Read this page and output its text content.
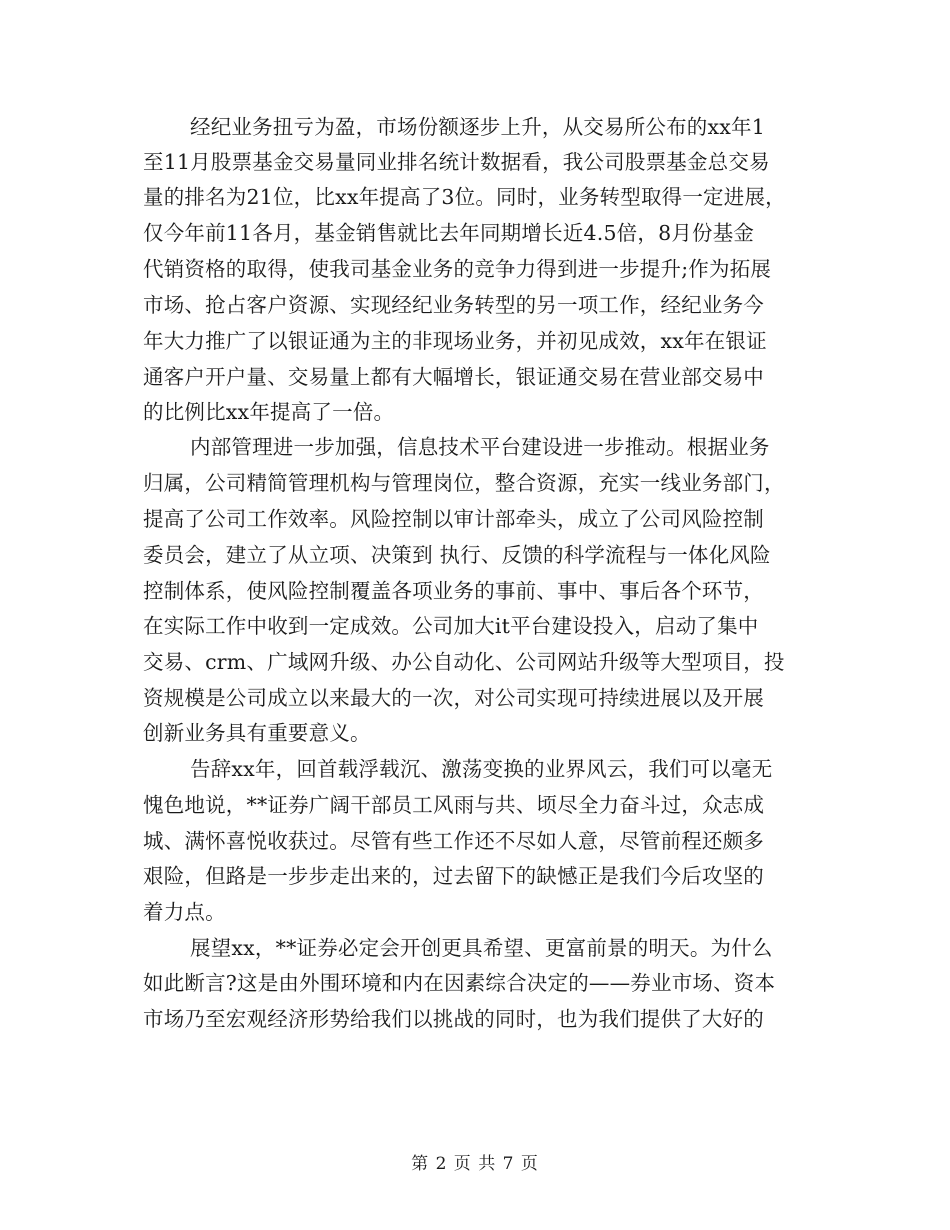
经纪业务扭亏为盈，市场份额逐步上升，从交易所公布的xx年1
至11月股票基金交易量同业排名统计数据看，我公司股票基金总交易
量的排名为21位，比xx年提高了3位。同时，业务转型取得一定进展，
仅今年前11各月，基金销售就比去年同期增长近4.5倍，8月份基金
代销资格的取得，使我司基金业务的竞争力得到进一步提升;作为拓展
市场、抢占客户资源、实现经纪业务转型的另一项工作，经纪业务今
年大力推广了以银证通为主的非现场业务，并初见成效，xx年在银证
通客户开户量、交易量上都有大幅增长，银证通交易在营业部交易中
的比例比xx年提高了一倍。
内部管理进一步加强，信息技术平台建设进一步推动。根据业务
归属，公司精简管理机构与管理岗位，整合资源，充实一线业务部门，
提高了公司工作效率。风险控制以审计部牵头，成立了公司风险控制
委员会，建立了从立项、决策到 执行、反馈的科学流程与一体化风险
控制体系，使风险控制覆盖各项业务的事前、事中、事后各个环节，
在实际工作中收到一定成效。公司加大it平台建设投入，启动了集中
交易、crm、广域网升级、办公自动化、公司网站升级等大型项目，投
资规模是公司成立以来最大的一次，对公司实现可持续进展以及开展
创新业务具有重要意义。
告辞xx年，回首载浮载沉、激荡变换的业界风云，我们可以毫无
愧色地说，**证券广阔干部员工风雨与共、顷尽全力奋斗过，众志成
城、满怀喜悦收获过。尽管有些工作还不尽如人意，尽管前程还颇多
艰险，但路是一步步走出来的，过去留下的缺憾正是我们今后攻坚的
着力点。
展望xx，**证券必定会开创更具希望、更富前景的明天。为什么
如此断言?这是由外围环境和内在因素综合决定的——券业市场、资本
市场乃至宏观经济形势给我们以挑战的同时，也为我们提供了大好的
第 2 页 共 7 页
